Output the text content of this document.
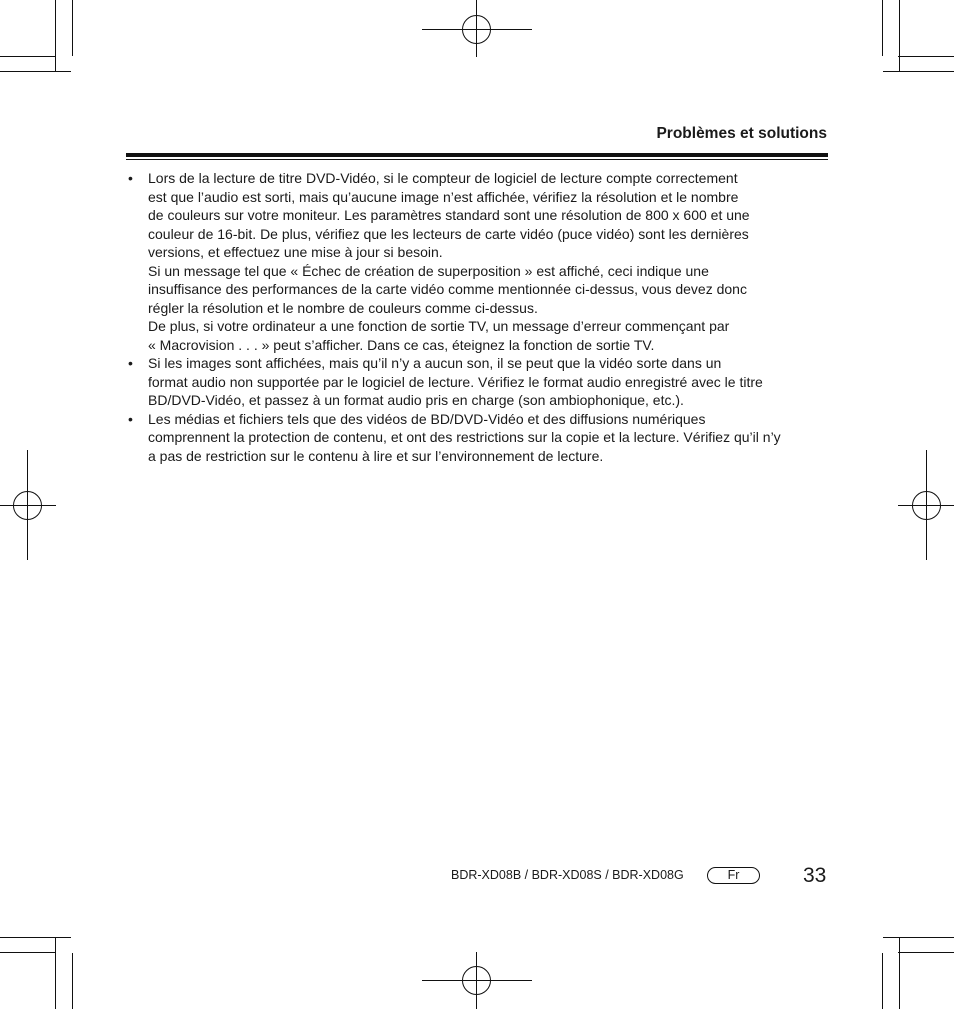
Problèmes et solutions
• Lors de la lecture de titre DVD-Vidéo, si le compteur de logiciel de lecture compte correctement
est que l’audio est sorti, mais qu’aucune image n’est affichée, vérifiez la résolution et le nombre
de couleurs sur votre moniteur. Les paramètres standard sont une résolution de 800 x 600 et une
couleur de 16-bit. De plus, vérifiez que les lecteurs de carte vidéo (puce vidéo) sont les dernières
versions, et effectuez une mise à jour si besoin.
Si un message tel que « Échec de création de superposition » est affiché, ceci indique une
insuffisance des performances de la carte vidéo comme mentionnée ci-dessus, vous devez donc
régler la résolution et le nombre de couleurs comme ci-dessus.
De plus, si votre ordinateur a une fonction de sortie TV, un message d’erreur commençant par
« Macrovision . . . » peut s’afficher. Dans ce cas, éteignez la fonction de sortie TV.
• Si les images sont affichées, mais qu’il n’y a aucun son, il se peut que la vidéo sorte dans un
format audio non supportée par le logiciel de lecture. Vérifiez le format audio enregistré avec le titre
BD/DVD-Vidéo, et passez à un format audio pris en charge (son ambiophonique, etc.).
• Les médias et fichiers tels que des vidéos de BD/DVD-Vidéo et des diffusions numériques
comprennent la protection de contenu, et ont des restrictions sur la copie et la lecture. Vérifiez qu’il n’y
a pas de restriction sur le contenu à lire et sur l’environnement de lecture.
BDR-XD08B / BDR-XD08S / BDR-XD08G	Fr	33
